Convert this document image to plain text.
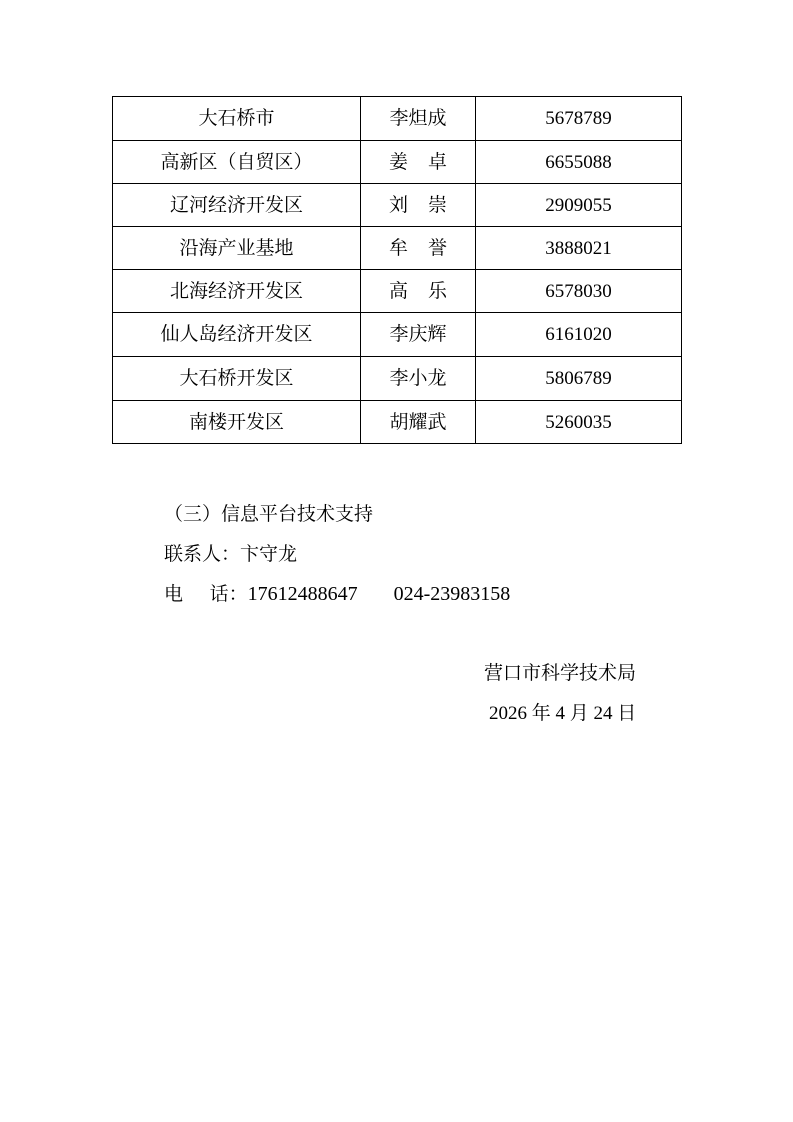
大石桥市	李炟成	5678789
高新区（自贸区）	姜卓	6655088
辽河经济开发区	刘崇	2909055
沿海产业基地	牟誉	3888021
北海经济开发区	高乐	6578030
仙人岛经济开发区	李庆辉	6161020
大石桥开发区	李小龙	5806789
南楼开发区	胡耀武	5260035
（三）信息平台技术支持
联系人：卞守龙
电话：17612488647 024-23983158
营口市科学技术局
2026 年 4 月 24 日
